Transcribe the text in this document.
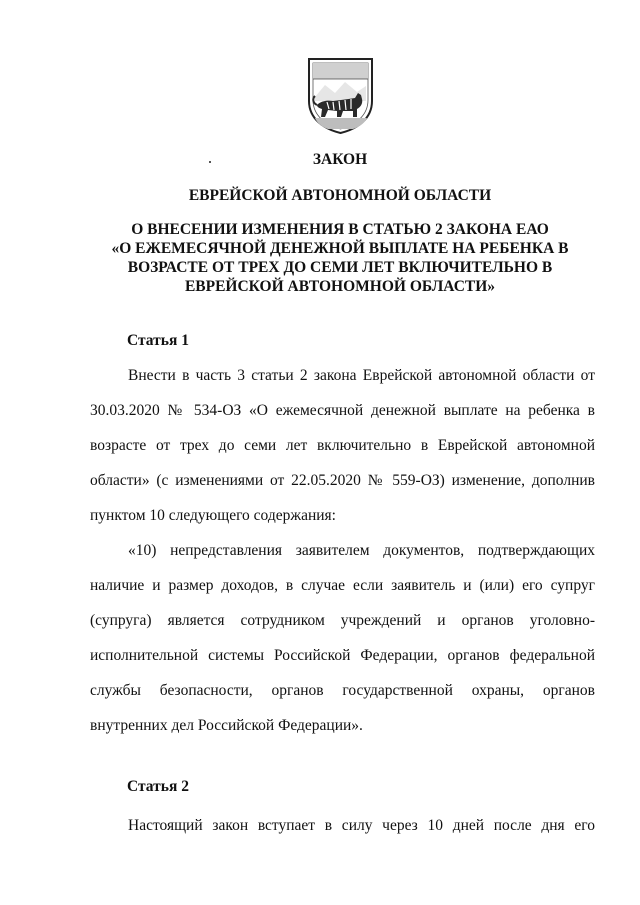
ЗАКОН
ЕВРЕЙСКОЙ АВТОНОМНОЙ ОБЛАСТИ
О ВНЕСЕНИИ ИЗМЕНЕНИЯ В СТАТЬЮ 2 ЗАКОНА ЕАО
«О ЕЖЕМЕСЯЧНОЙ ДЕНЕЖНОЙ ВЫПЛАТЕ НА РЕБЕНКА В
ВОЗРАСТЕ ОТ ТРЕХ ДО СЕМИ ЛЕТ ВКЛЮЧИТЕЛЬНО В
ЕВРЕЙСКОЙ АВТОНОМНОЙ ОБЛАСТИ»
Статья 1

Внести в часть 3 статьи 2 закона Еврейской автономной области от 30.03.2020 № 534-ОЗ «О ежемесячной денежной выплате на ребенка в возрасте от трех до семи лет включительно в Еврейской автономной области» (с изменениями от 22.05.2020 № 559-ОЗ) изменение, дополнив пунктом 10 следующего содержания:

«10) непредставления заявителем документов, подтверждающих наличие и размер доходов, в случае если заявитель и (или) его супруг (супруга) является сотрудником учреждений и органов уголовно-исполнительной системы Российской Федерации, органов федеральной службы безопасности, органов государственной охраны, органов внутренних дел Российской Федерации».

Статья 2

Настоящий закон вступает в силу через 10 дней после дня его
